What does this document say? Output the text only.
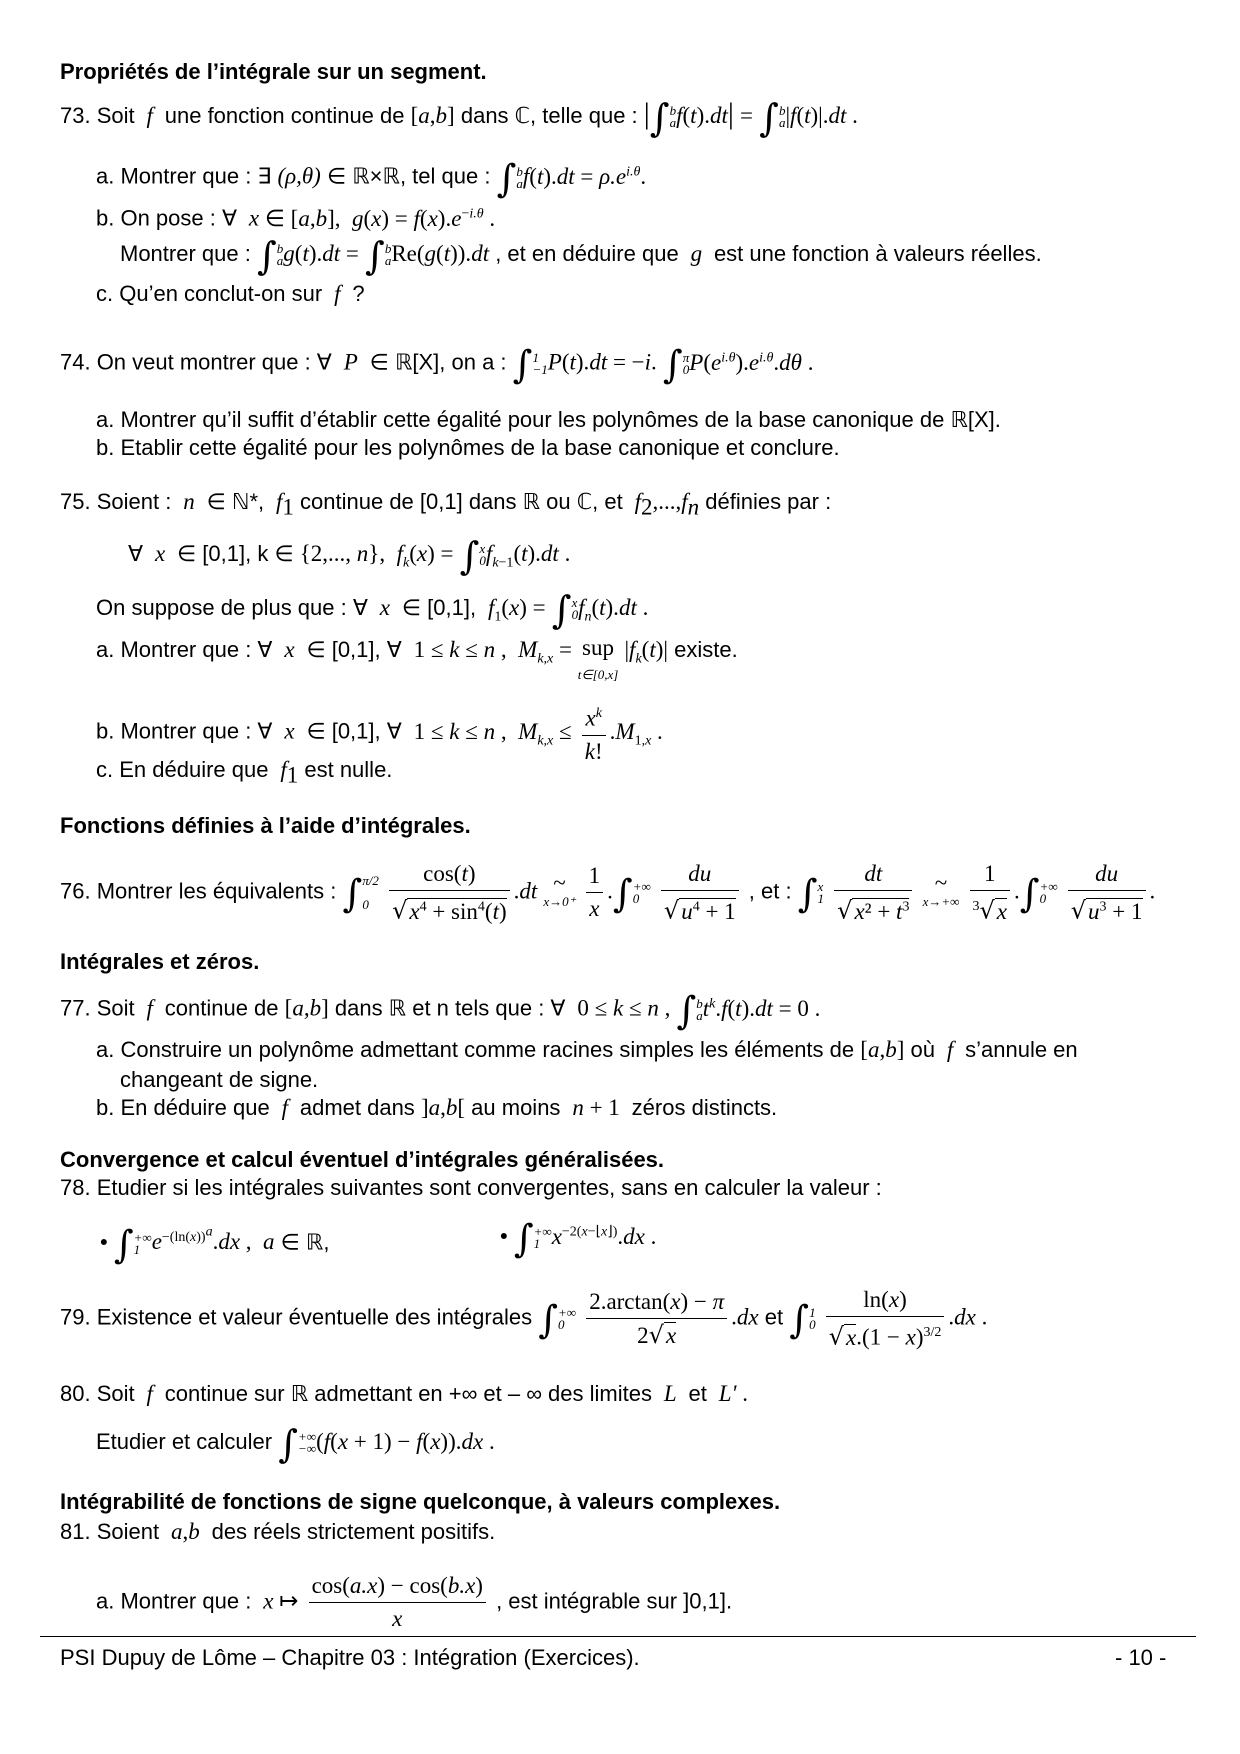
Propriétés de l’intégrale sur un segment.
73. Soit  f  une fonction continue de [a,b] dans ℂ, telle que : |∫b
af(t).dt| = ∫b
a|f(t)|.dt .
a. Montrer que : ∃ (ρ,θ) ∈ ℝ×ℝ, tel que : ∫b
$af(t).dt = \rho.e^{i.\theta}$.
b. On pose : ∀  x ∈ [a,b],  $g(x) = f(x).e^{-i.\theta}$ .
Montrer que : ∫b
ag(t).dt = ∫b
aRe(g(t)).dt , et en déduire que  g  est une fonction à valeurs réelles.
c. Qu’en conclut-on sur  f  ?
74. On veut montrer que : ∀  P  ∈ ℝ[X], on a : ∫1
−1P(t).dt = −i. ∫π
$0P(e^{i.\theta}).e^{i.\theta}.d\theta$ .
a. Montrer qu’il suffit d’établir cette égalité pour les polynômes de la base canonique de ℝ[X].
b. Etablir cette égalité pour les polynômes de la base canonique et conclure.
75. Soient :  n  ∈ ℕ*,  $f_1$ continue de [0,1] dans ℝ ou ℂ, et  $f_2,...,f_n$ définies par :
∀  x  ∈ [0,1], k ∈ {2,..., n},  $f_k(x) = \int x$
$0f_{k-1}(t).dt$ .
On suppose de plus que : ∀  x  ∈ [0,1], $f_1(x) = \int x$
$0f_n(t).dt$ .
a. Montrer que : ∀  x  ∈ [0,1], ∀  1 ≤ k ≤ n ,  $M_{k,x}$ = sup
t∈[0,x] $|f_k(t)|$ existe.
b. Montrer que : ∀  x  ∈ [0,1], ∀  1 ≤ k ≤ n ,  $M_{k,x} \le \frac{x^k}{k!} .M_{1,x}$ .
c. En déduire que  $f_1$ est nulle.
Fonctions définies à l’aide d’intégrales.
76. Montrer les équivalents : ∫π/2

$0 \frac{\cos(t)}{√x^4 + \sin^4(t)} .dt$ ~
$x\to 0^+ \frac{1}{x}$ .∫+∞
$0 \frac{du}{√u^4 + 1}$ , et : ∫x
$1 \frac{dt}{√x^2 + t^3}$ ~
$x\to+\infty \frac{1}{^3√x}$ .∫+∞
$0 \frac{du}{√u^3 + 1}$ .
Intégrales et zéros.
77. Soit  f  continue de [a,b] dans ℝ et n tels que : ∀  0 ≤ k ≤ n , ∫b
$at^k.f(t).dt = 0$ .
a. Construire un polynôme admettant comme racines simples les éléments de [a,b] où  f  s’annule en
changeant de signe.
b. En déduire que  f  admet dans ]a,b[ au moins n + 1  zéros distincts.
Convergence et calcul éventuel d’intégrales généralisées.
78. Etudier si les intégrales suivantes sont convergentes, sans en calculer la valeur :
• ∫+∞
1 $e^{-(ln(x))^a}.dx$ ,  a ∈ ℝ,	• ∫+∞
1 $x^{-2(x-⌊x⌋)}.dx$ .
79. Existence et valeur éventuelle des intégrales ∫+∞
$0 \frac{2.\arctan(x) - \pi}{2√x} .dx$ et ∫1
$0 \frac{\ln(x)}{√x.(1 - x)^{3/2}} .dx$ .
80. Soit  f  continue sur ℝ admettant en +∞ et – ∞ des limites  L  et  L' .
Etudier et calculer ∫+∞
−∞(f(x + 1) − f(x)).dx .
Intégrabilité de fonctions de signe quelconque, à valeurs complexes.
81. Soient  a,b  des réels strictement positifs.
a. Montrer que : x ↦ $\frac{\cos(a.x) - \cos(b.x)}{x}$ , est intégrable sur ]0,1].
PSI Dupuy de Lôme – Chapitre 03 : Intégration (Exercices).	- 10 -
